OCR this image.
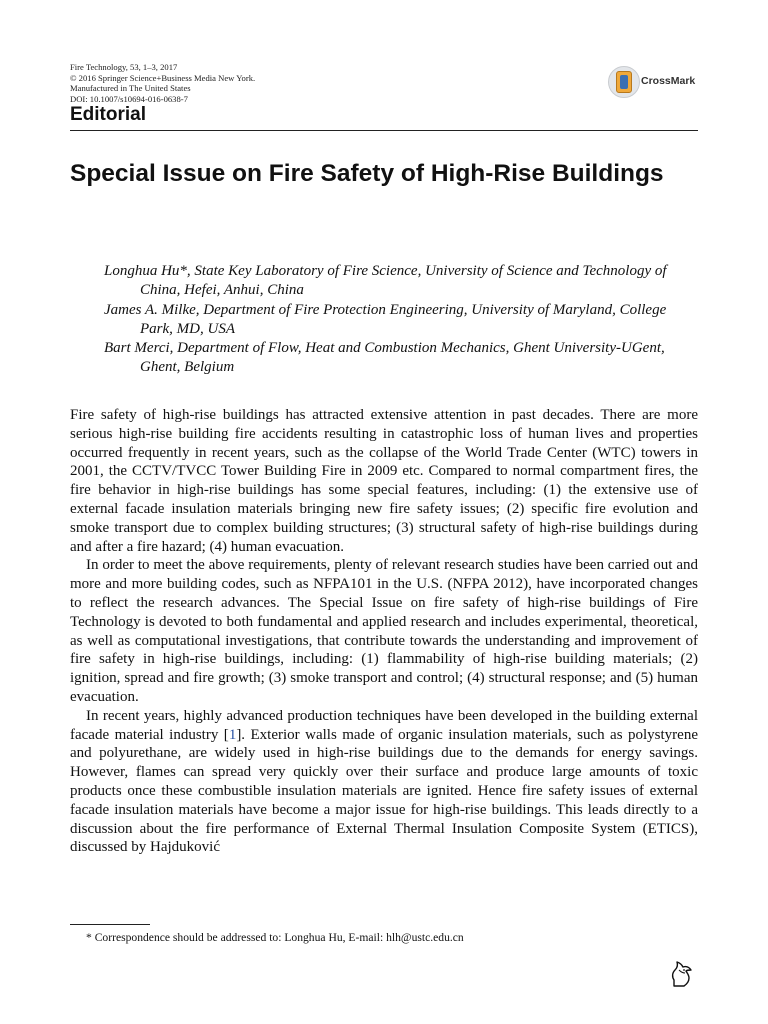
Fire Technology, 53, 1–3, 2017
© 2016 Springer Science+Business Media New York.
Manufactured in The United States
DOI: 10.1007/s10694-016-0638-7
CrossMark
Editorial
Special Issue on Fire Safety of High-Rise Buildings
Longhua Hu*, State Key Laboratory of Fire Science, University of Science and Technology of China, Hefei, Anhui, China
James A. Milke, Department of Fire Protection Engineering, University of Maryland, College Park, MD, USA
Bart Merci, Department of Flow, Heat and Combustion Mechanics, Ghent University-UGent, Ghent, Belgium

Fire safety of high-rise buildings has attracted extensive attention in past decades. There are more serious high-rise building fire accidents resulting in catastrophic loss of human lives and properties occurred frequently in recent years, such as the collapse of the World Trade Center (WTC) towers in 2001, the CCTV/TVCC Tower Building Fire in 2009 etc. Compared to normal compartment fires, the fire behavior in high-rise buildings has some special features, including: (1) the extensive use of external facade insulation materials bringing new fire safety issues; (2) specific fire evolution and smoke transport due to complex building structures; (3) structural safety of high-rise buildings during and after a fire hazard; (4) human evacuation.

In order to meet the above requirements, plenty of relevant research studies have been carried out and more and more building codes, such as NFPA101 in the U.S. (NFPA 2012), have incorporated changes to reflect the research advances. The Special Issue on fire safety of high-rise buildings of Fire Technology is devoted to both fundamental and applied research and includes experimental, theoretical, as well as computational investigations, that contribute towards the understanding and improvement of fire safety in high-rise buildings, including: (1) flammability of high-rise building materials; (2) ignition, spread and fire growth; (3) smoke transport and control; (4) structural response; and (5) human evacuation.

In recent years, highly advanced production techniques have been developed in the building external facade material industry [1]. Exterior walls made of organic insulation materials, such as polystyrene and polyurethane, are widely used in high-rise buildings due to the demands for energy savings. However, flames can spread very quickly over their surface and produce large amounts of toxic products once these combustible insulation materials are ignited. Hence fire safety issues of external facade insulation materials have become a major issue for high-rise buildings. This leads directly to a discussion about the fire performance of External Thermal Insulation Composite System (ETICS), discussed by Hajduković

* Correspondence should be addressed to: Longhua Hu, E-mail: hlh@ustc.edu.cn
